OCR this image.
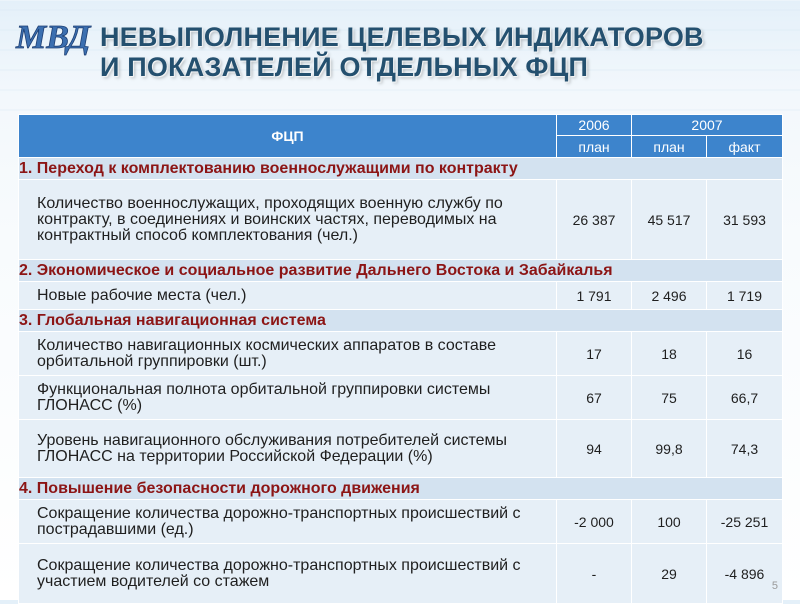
МВД НЕВЫПОЛНЕНИЕ ЦЕЛЕВЫХ ИНДИКАТОРОВ
И ПОКАЗАТЕЛЕЙ ОТДЕЛЬНЫХ ФЦП
ФЦП	2006	2007	
	план	план	факт
1. Переход к комплектованию военнослужащими по контракту			
Количество военнослужащих, проходящих военную службу по контракту, в соединениях и воинских частях, переводимых на контрактный способ комплектования (чел.)	26 387	45 517	31 593
2. Экономическое и социальное развитие Дальнего Востока и Забайкалья			
Новые рабочие места (чел.)	1 791	2 496	1 719
3. Глобальная навигационная система			
Количество навигационных космических аппаратов в составе орбитальной группировки (шт.)	17	18	16
Функциональная полнота орбитальной группировки системы ГЛОНАСС (%)	67	75	66,7
Уровень навигационного обслуживания потребителей системы ГЛОНАСС на территории Российской Федерации (%)	94	99,8	74,3
4. Повышение безопасности дорожного движения			
Сокращение количества дорожно-транспортных происшествий с пострадавшими (ед.)	-2 000	100	-25 251
Сокращение количества дорожно-транспортных происшествий с участием водителей со стажем	-	29	-4 896
5
